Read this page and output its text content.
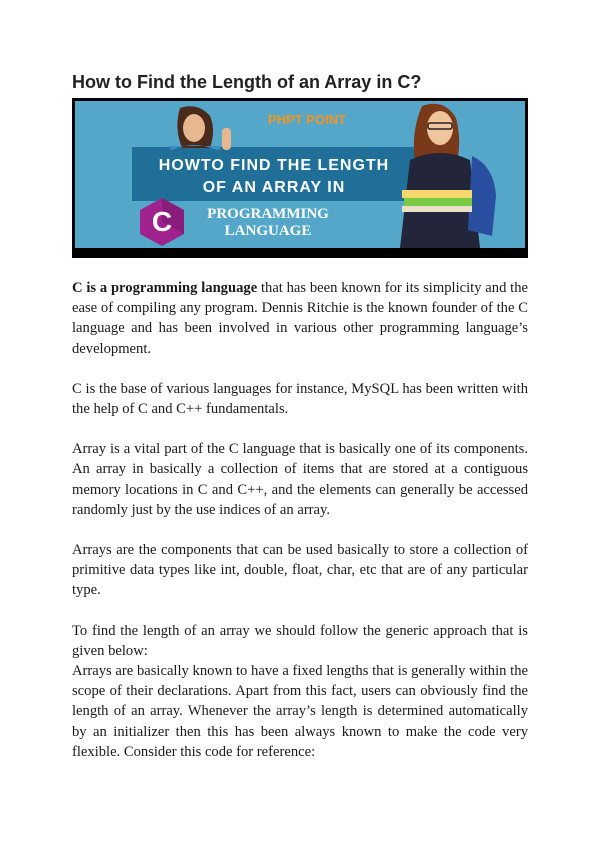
How to Find the Length of an Array in C?
PHPT POINT
HOWTO FIND THE LENGTH
OF AN ARRAY IN
C PROGRAMMING
LANGUAGE

C is a programming language that has been known for its simplicity and the ease of compiling any program. Dennis Ritchie is the known founder of the C language and has been involved in various other programming language’s development.

C is the base of various languages for instance, MySQL has been written with the help of C and C++ fundamentals.

Array is a vital part of the C language that is basically one of its components. An array in basically a collection of items that are stored at a contiguous memory locations in C and C++, and the elements can generally be accessed randomly just by the use indices of an array.

Arrays are the components that can be used basically to store a collection of primitive data types like int, double, float, char, etc that are of any particular type.

To find the length of an array we should follow the generic approach that is given below:

Arrays are basically known to have a fixed lengths that is generally within the scope of their declarations. Apart from this fact, users can obviously find the length of an array. Whenever the array’s length is determined automatically by an initializer then this has been always known to make the code very flexible. Consider this code for reference:
